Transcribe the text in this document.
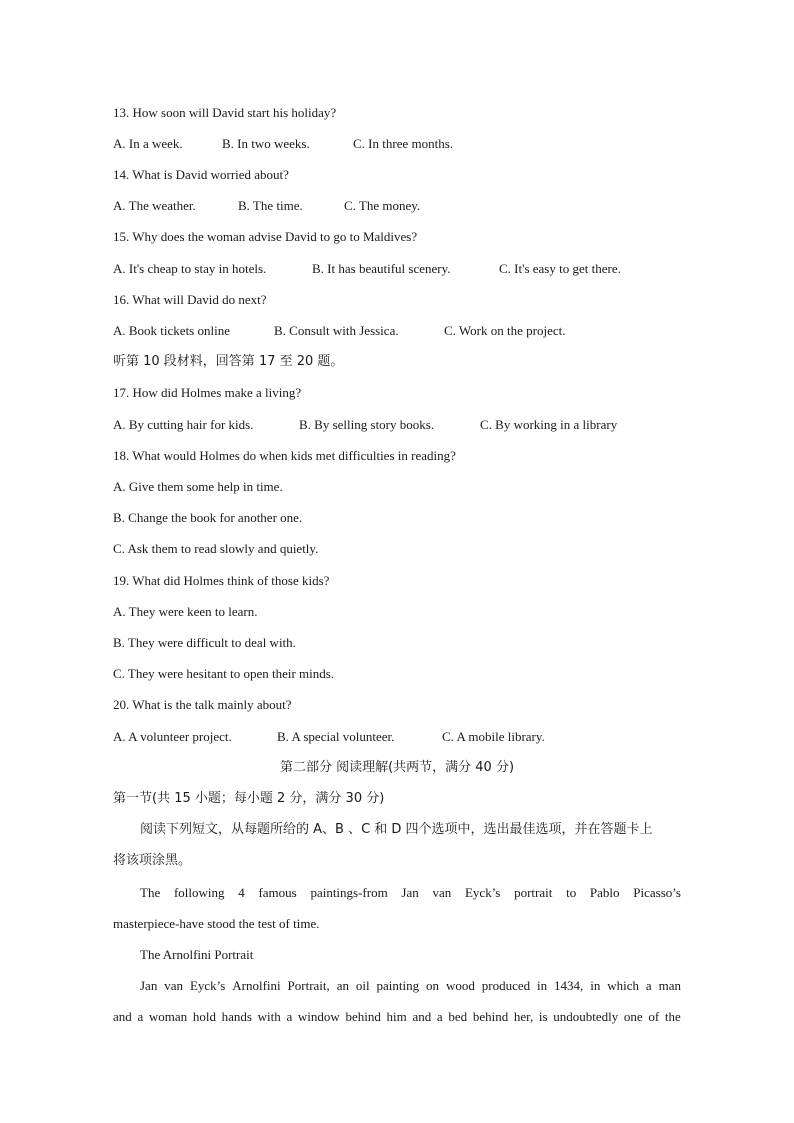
13. How soon will David start his holiday?
A. In a week.	B. In two weeks.	C. In three months.
14. What is David worried about?
A. The weather.	B. The time.	C. The money.
15. Why does the woman advise David to go to Maldives?
A. It's cheap to stay in hotels.	B. It has beautiful scenery.	C. It's easy to get there.
16. What will David do next?
A. Book tickets online	B. Consult with Jessica.	C. Work on the project.
听第 10 段材料，回答第 17 至 20 题。
17. How did Holmes make a living?
A. By cutting hair for kids.	B. By selling story books.	C. By working in a library
18. What would Holmes do when kids met difficulties in reading?
A. Give them some help in time.
B. Change the book for another one.
C. Ask them to read slowly and quietly.
19. What did Holmes think of those kids?
A. They were keen to learn.
B. They were difficult to deal with.
C. They were hesitant to open their minds.
20. What is the talk mainly about?
A. A volunteer project.	B. A special volunteer.	C. A mobile library.
第二部分 阅读理解(共两节，满分 40 分)
第一节(共 15 小题；每小题 2 分，满分 30 分)
阅读下列短文，从每题所给的 A、B 、C 和 D 四个选项中，选出最佳选项，并在答题卡上
将该项涂黑。
The following 4 famous paintings-from Jan van Eyck’s portrait to Pablo Picasso’s
masterpiece-have stood the test of time.
The Arnolfini Portrait
Jan van Eyck’s Arnolfini Portrait, an oil painting on wood produced in 1434, in which a man
and a woman hold hands with a window behind him and a bed behind her, is undoubtedly one of the
